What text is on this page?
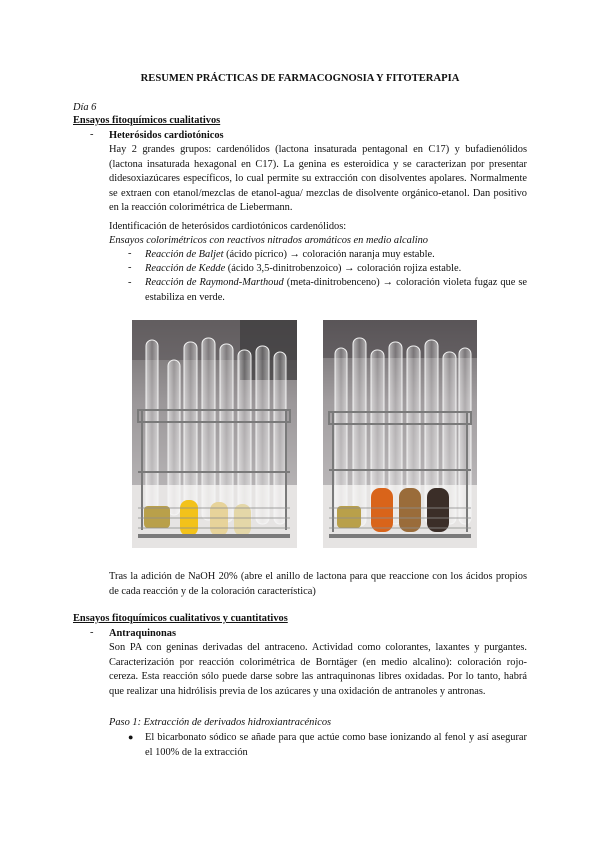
RESUMEN PRÁCTICAS DE FARMACOGNOSIA Y FITOTERAPIA
Día 6
Ensayos fitoquímicos cualitativos
- Heterósidos cardiotónicos
Hay 2 grandes grupos: cardenólidos (lactona insaturada pentagonal en C17) y bufadienólidos (lactona insaturada hexagonal en C17). La genina es esteroidica y se caracterizan por presentar didesoxiazúcares específicos, lo cual permite su extracción con disolventes apolares. Normalmente se extraen con etanol/mezclas de etanol-agua/ mezclas de disolvente orgánico-etanol. Dan positivo en la reacción colorimétrica de Liebermann.
Identificación de heterósidos cardiotónicos cardenólidos:
Ensayos colorimétricos con reactivos nitrados aromáticos en medio alcalino
- Reacción de Baljet (ácido pícrico) → coloración naranja muy estable.
- Reacción de Kedde (ácido 3,5-dinitrobenzoico) → coloración rojiza estable.
- Reacción de Raymond-Marthoud (meta-dinitrobenceno) → coloración violeta fugaz que se estabiliza en verde.
Tras la adición de NaOH 20% (abre el anillo de lactona para que reaccione con los ácidos propios de cada reacción y de la coloración característica)
Ensayos fitoquímicos cualitativos y cuantitativos
- Antraquinonas
Son PA con geninas derivadas del antraceno. Actividad como colorantes, laxantes y purgantes. Caracterización por reacción colorimétrica de Borntäger (en medio alcalino): coloración rojo-cereza. Esta reacción sólo puede darse sobre las antraquinonas libres oxidadas. Por lo tanto, habrá que realizar una hidrólisis previa de los azúcares y una oxidación de antranoles y antronas.
Paso 1: Extracción de derivados hidroxiantracénicos
● El bicarbonato sódico se añade para que actúe como base ionizando al fenol y así asegurar el 100% de la extracción
